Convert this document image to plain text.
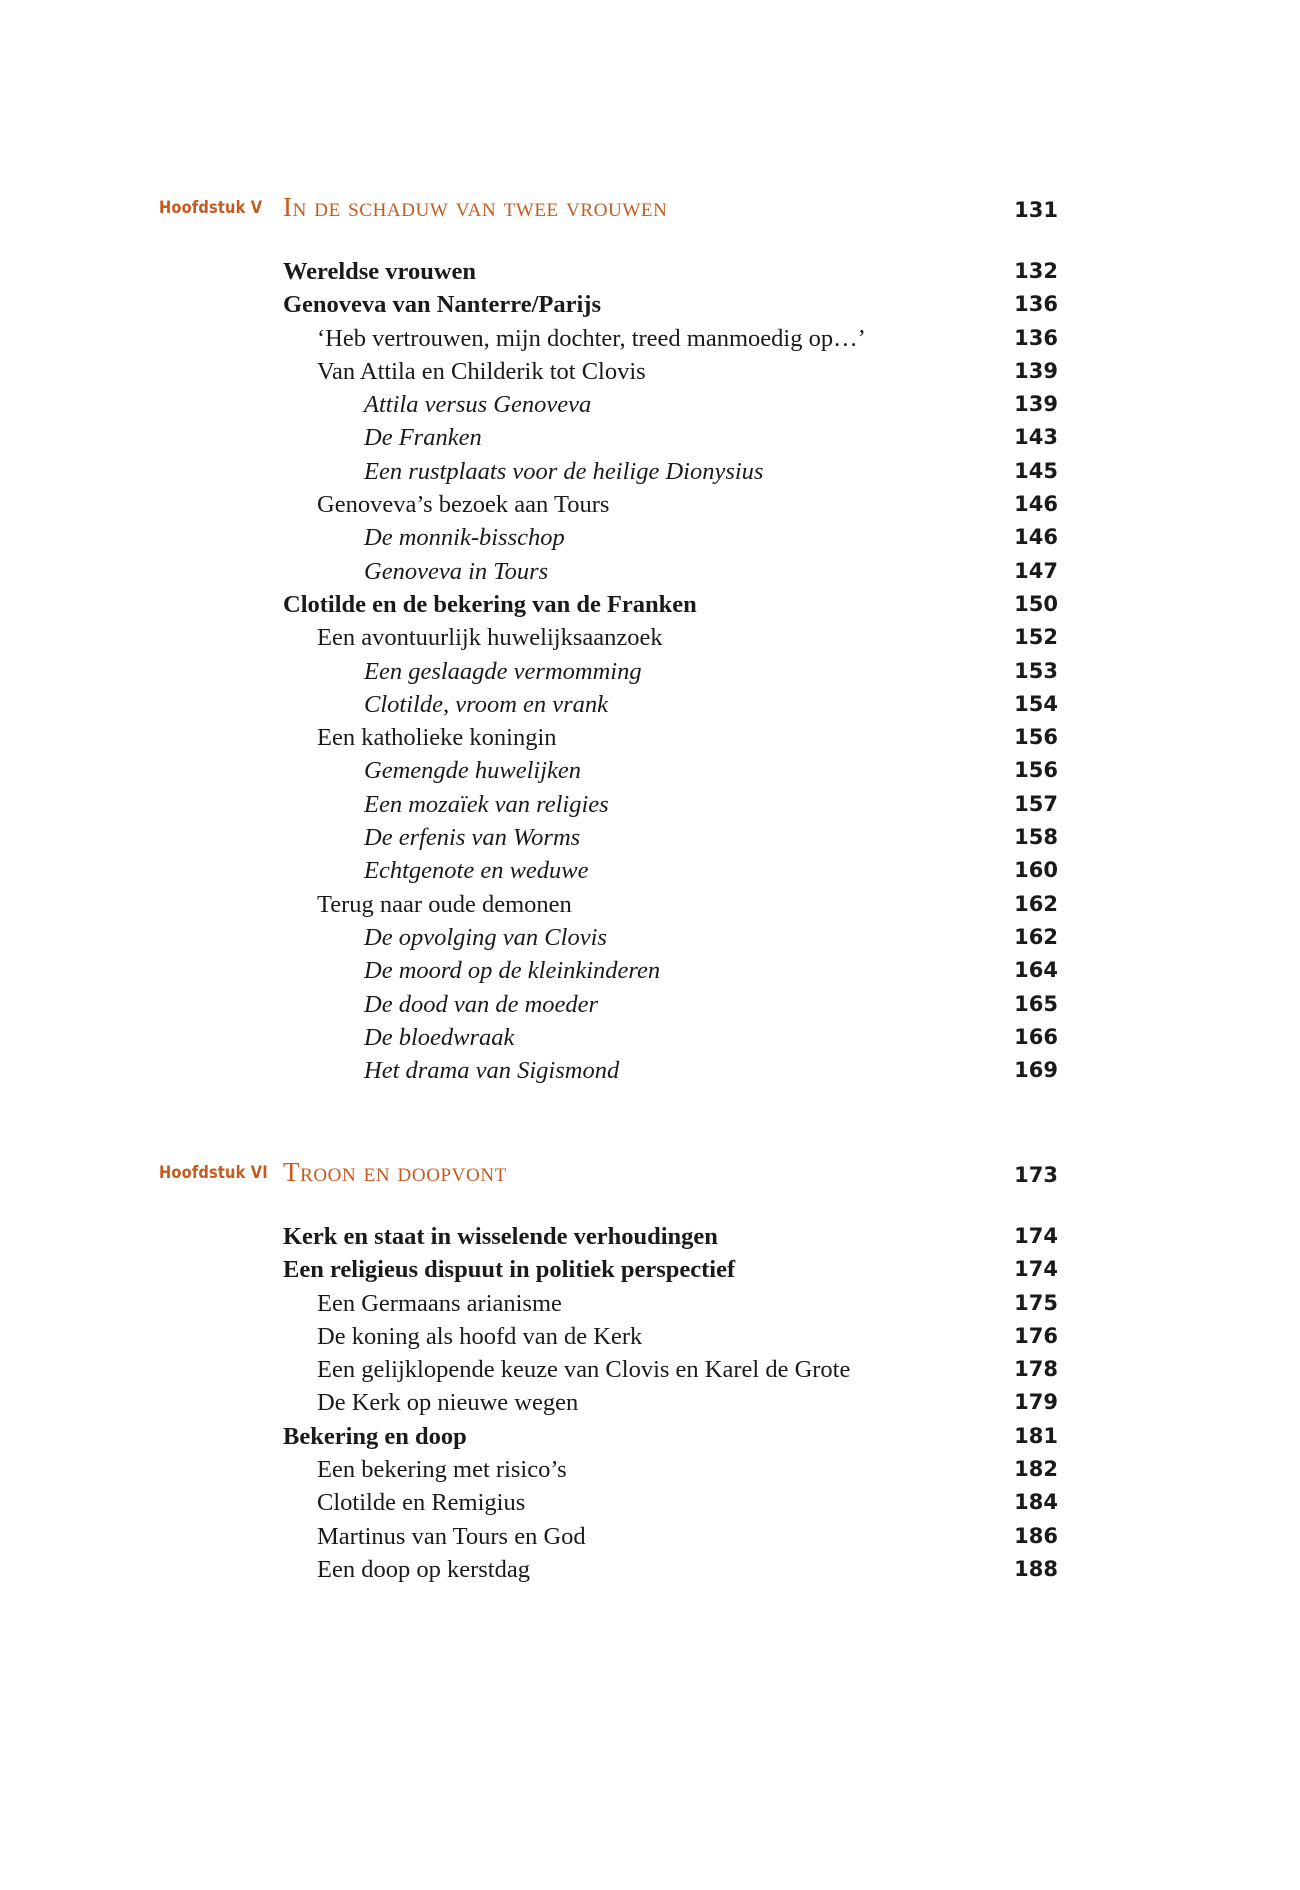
Hoofdstuk V In de schaduw van twee vrouwen	131
Wereldse vrouwen	132
Genoveva van Nanterre/Parijs	136
‘Heb vertrouwen, mijn dochter, treed manmoedig op…’	136
Van Attila en Childerik tot Clovis	139
Attila versus Genoveva	139
De Franken	143
Een rustplaats voor de heilige Dionysius	145
Genoveva’s bezoek aan Tours	146
De monnik-bisschop	146
Genoveva in Tours	147
Clotilde en de bekering van de Franken	150
Een avontuurlijk huwelijksaanzoek	152
Een geslaagde vermomming	153
Clotilde, vroom en vrank	154
Een katholieke koningin	156
Gemengde huwelijken	156
Een mozaïek van religies	157
De erfenis van Worms	158
Echtgenote en weduwe	160
Terug naar oude demonen	162
De opvolging van Clovis	162
De moord op de kleinkinderen	164
De dood van de moeder	165
De bloedwraak	166
Het drama van Sigismond	169
Hoofdstuk VI Troon en doopvont	173
Kerk en staat in wisselende verhoudingen	174
Een religieus dispuut in politiek perspectief	174
Een Germaans arianisme	175
De koning als hoofd van de Kerk	176
Een gelijklopende keuze van Clovis en Karel de Grote	178
De Kerk op nieuwe wegen	179
Bekering en doop	181
Een bekering met risico’s	182
Clotilde en Remigius	184
Martinus van Tours en God	186
Een doop op kerstdag	188
